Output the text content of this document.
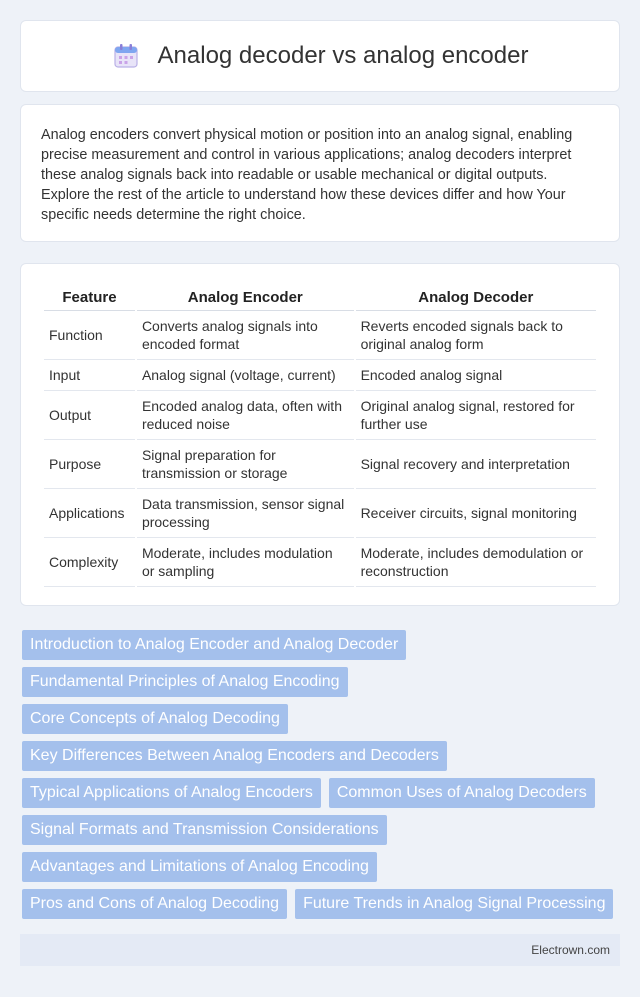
Analog decoder vs analog encoder

Analog encoders convert physical motion or position into an analog signal, enabling precise measurement and control in various applications; analog decoders interpret these analog signals back into readable or usable mechanical or digital outputs. Explore the rest of the article to understand how these devices differ and how Your specific needs determine the right choice.

Feature	Analog Encoder	Analog Decoder
Function	Converts analog signals into encoded format	Reverts encoded signals back to original analog form
Input	Analog signal (voltage, current)	Encoded analog signal
Output	Encoded analog data, often with reduced noise	Original analog signal, restored for further use
Purpose	Signal preparation for transmission or storage	Signal recovery and interpretation
Applications	Data transmission, sensor signal processing	Receiver circuits, signal monitoring
Complexity	Moderate, includes modulation or sampling	Moderate, includes demodulation or reconstruction
Introduction to Analog Encoder and Analog Decoder
Fundamental Principles of Analog Encoding
Core Concepts of Analog Decoding
Key Differences Between Analog Encoders and Decoders
Typical Applications of Analog Encoders	Common Uses of Analog Decoders
Signal Formats and Transmission Considerations
Advantages and Limitations of Analog Encoding
Pros and Cons of Analog Decoding	Future Trends in Analog Signal Processing
Electrown.com
